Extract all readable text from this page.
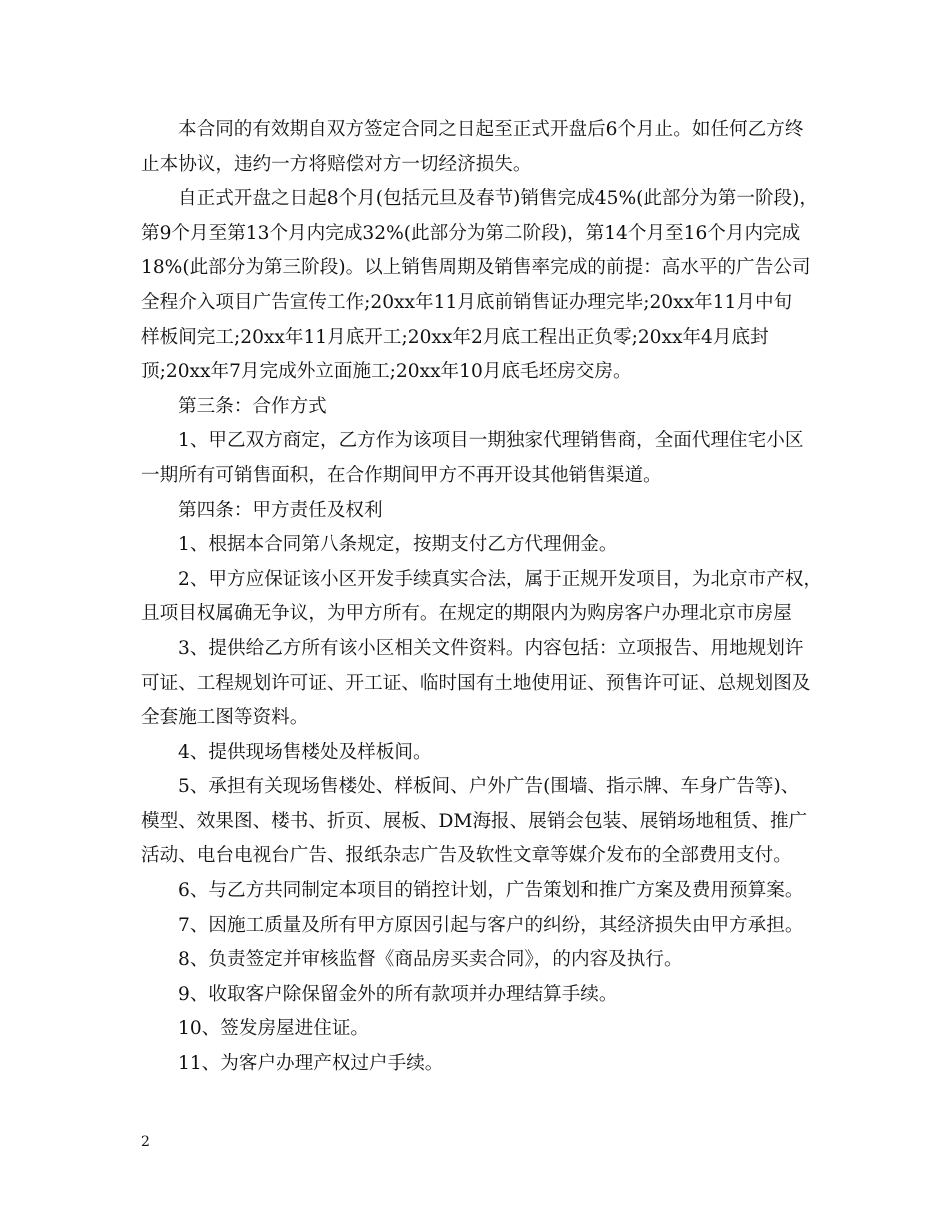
本合同的有效期自双方签定合同之日起至正式开盘后6个月止。如任何乙方终
止本协议，违约一方将赔偿对方一切经济损失。
自正式开盘之日起8个月(包括元旦及春节)销售完成45%(此部分为第一阶段)，
第9个月至第13个月内完成32%(此部分为第二阶段)，第14个月至16个月内完成
18%(此部分为第三阶段)。以上销售周期及销售率完成的前提：高水平的广告公司
全程介入项目广告宣传工作;20xx年11月底前销售证办理完毕;20xx年11月中旬
样板间完工;20xx年11月底开工;20xx年2月底工程出正负零;20xx年4月底封
顶;20xx年7月完成外立面施工;20xx年10月底毛坯房交房。
第三条：合作方式
1、甲乙双方商定，乙方作为该项目一期独家代理销售商，全面代理住宅小区
一期所有可销售面积，在合作期间甲方不再开设其他销售渠道。
第四条：甲方责任及权利
1、根据本合同第八条规定，按期支付乙方代理佣金。
2、甲方应保证该小区开发手续真实合法，属于正规开发项目，为北京市产权，
且项目权属确无争议，为甲方所有。在规定的期限内为购房客户办理北京市房屋
3、提供给乙方所有该小区相关文件资料。内容包括：立项报告、用地规划许
可证、工程规划许可证、开工证、临时国有土地使用证、预售许可证、总规划图及
全套施工图等资料。
4、提供现场售楼处及样板间。
5、承担有关现场售楼处、样板间、户外广告(围墙、指示牌、车身广告等)、
模型、效果图、楼书、折页、展板、DM海报、展销会包装、展销场地租赁、推广
活动、电台电视台广告、报纸杂志广告及软性文章等媒介发布的全部费用支付。
6、与乙方共同制定本项目的销控计划，广告策划和推广方案及费用预算案。
7、因施工质量及所有甲方原因引起与客户的纠纷，其经济损失由甲方承担。
8、负责签定并审核监督《商品房买卖合同》，的内容及执行。
9、收取客户除保留金外的所有款项并办理结算手续。
10、签发房屋进住证。
11、为客户办理产权过户手续。
2
